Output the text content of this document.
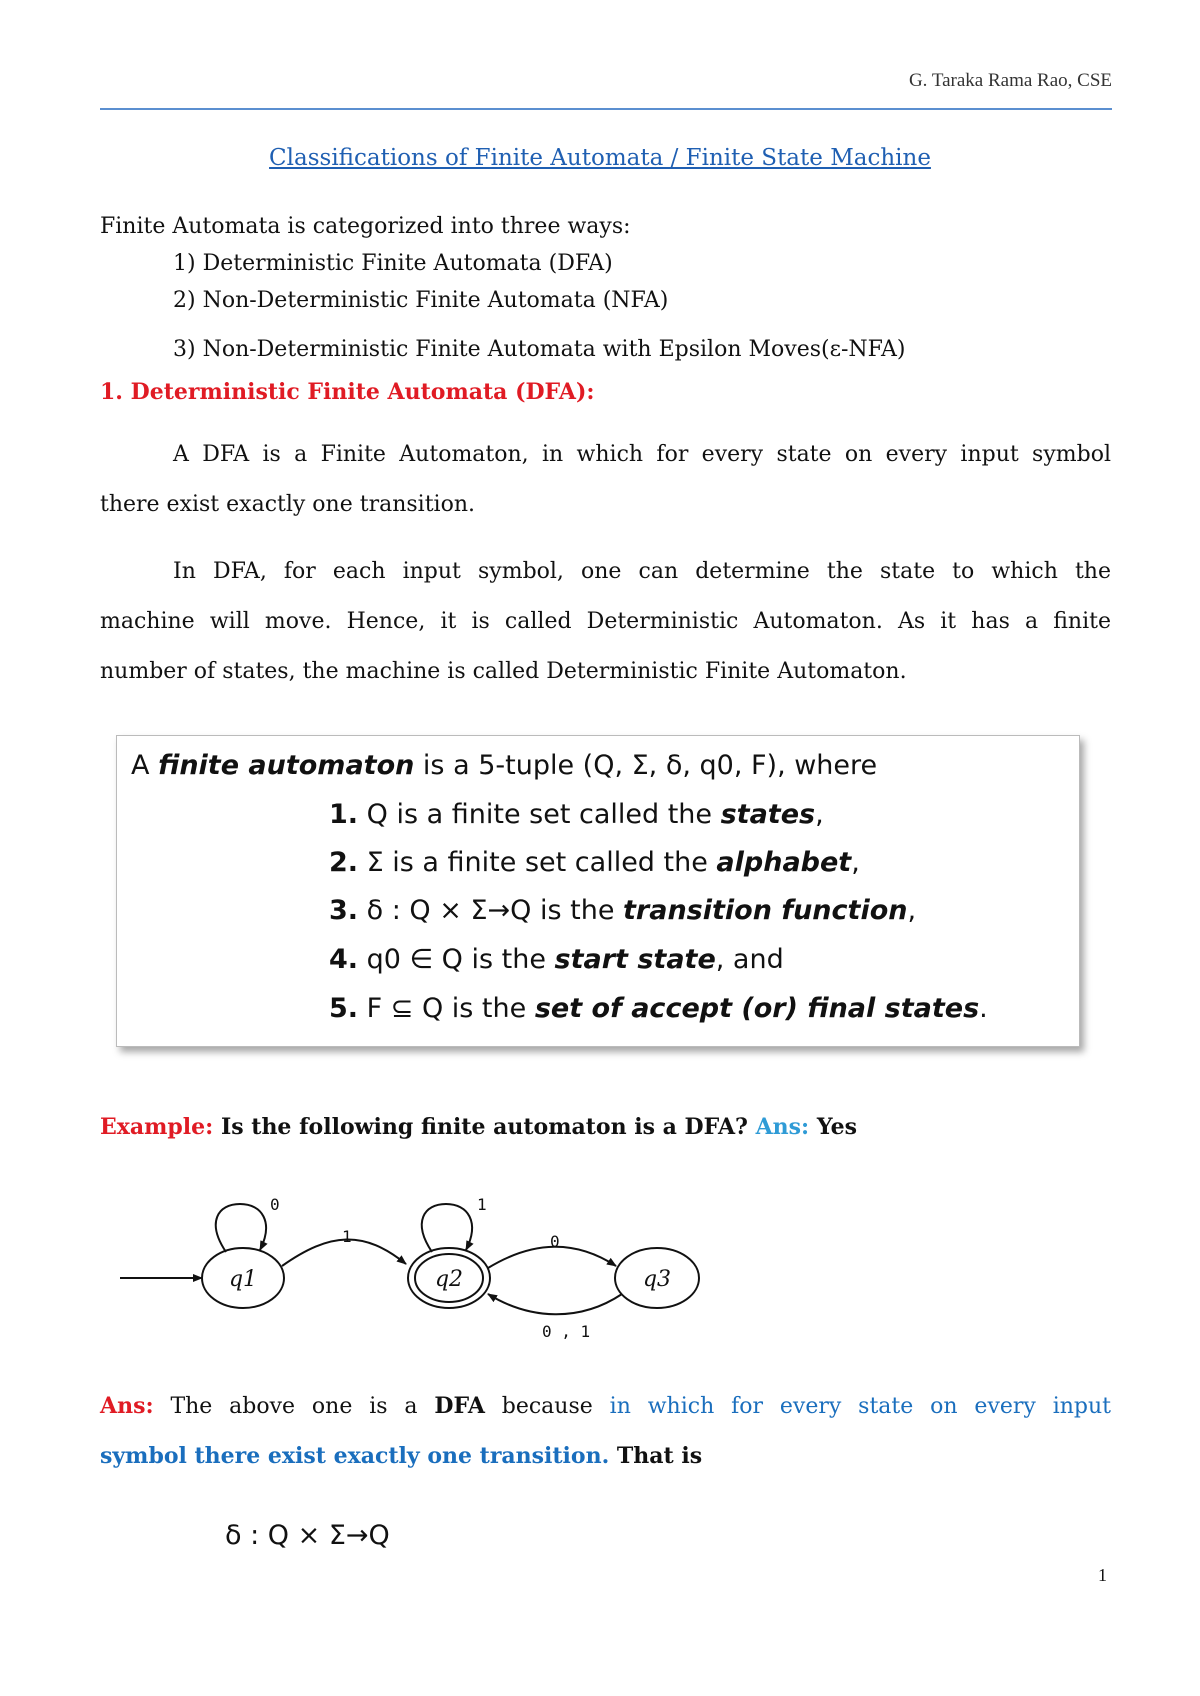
G. Taraka Rama Rao, CSE
Classifications of Finite Automata / Finite State Machine
Finite Automata is categorized into three ways:
1) Deterministic Finite Automata (DFA)
2) Non-Deterministic Finite Automata (NFA)
3) Non-Deterministic Finite Automata with Epsilon Moves(ε-NFA)
1. Deterministic Finite Automata (DFA):
A DFA is a Finite Automaton, in which for every state on every input symbol
there exist exactly one transition.
In DFA, for each input symbol, one can determine the state to which the
machine will move. Hence, it is called Deterministic Automaton. As it has a finite
number of states, the machine is called Deterministic Finite Automaton.
A finite automaton is a 5-tuple (Q, Σ, δ, q0, F), where
1. Q is a finite set called the states,
2. Σ is a finite set called the alphabet,
3. δ : Q × Σ→Q is the transition function,
4. q0 ∈ Q is the start state, and
5. F ⊆ Q is the set of accept (or) final states.
Example: Is the following finite automaton is a DFA? Ans: Yes
0	1
1	0
0 , 1
q1	q2	q3
Ans: The above one is a DFA because in which for every state on every input
symbol there exist exactly one transition. That is
δ : Q × Σ→Q
1
